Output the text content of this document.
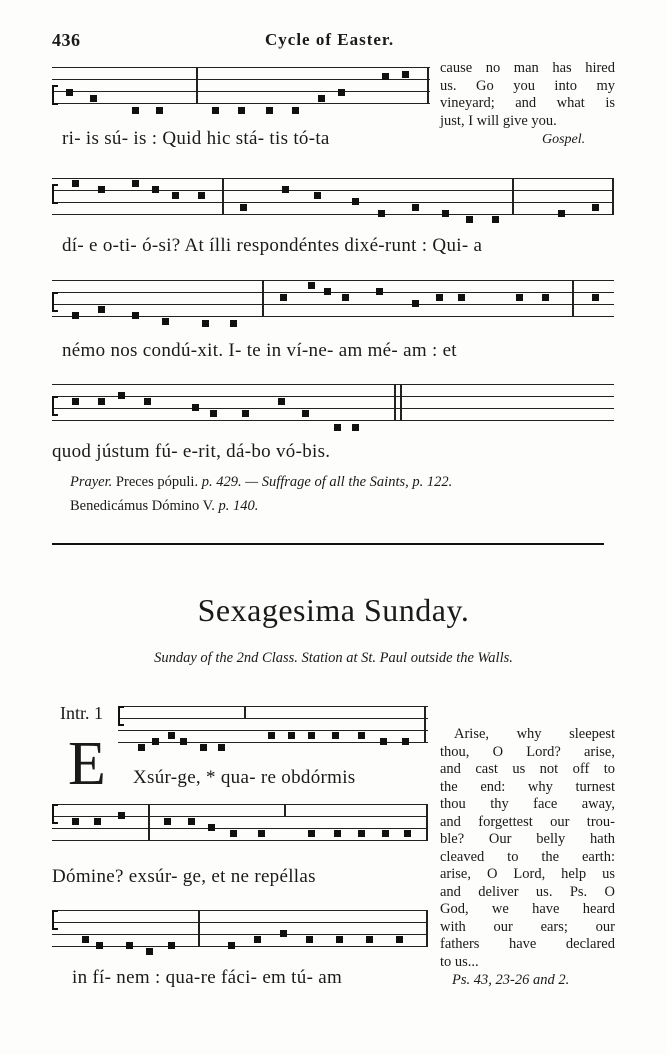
436	Cycle of Easter.
ri- is sú- is : Quid hic stá- tis tó-ta
cause no man has hired
us. Go you into my
vineyard; and what is
just, I will give you.
Gospel.
dí- e o-ti- ó-si? At ílli respondéntes dixé-runt : Qui- a
némo nos condú-xit. I- te in ví-ne- am mé- am : et
quod jústum fú- e-rit, dá-bo vó-bis.
Prayer. Preces pópuli. p. 429. — Suffrage of all the Saints, p. 122.
Benedicámus Dómino V. p. 140.
Sexagesima Sunday.
Sunday of the 2nd Class. Station at St. Paul outside the Walls.
Intr. 1
E Xsúr-ge, * qua- re obdórmis
Dómine? exsúr- ge, et ne repéllas
in fí- nem : qua-re fáci- em tú- am
Arise, why sleepest
thou, O Lord? arise,
and cast us not off to
the end: why turnest
thou thy face away,
and forgettest our trou-
ble? Our belly hath
cleaved to the earth:
arise, O Lord, help us
and deliver us. Ps. O
God, we have heard
with our ears; our
fathers have declared
to us...
Ps. 43, 23-26 and 2.
